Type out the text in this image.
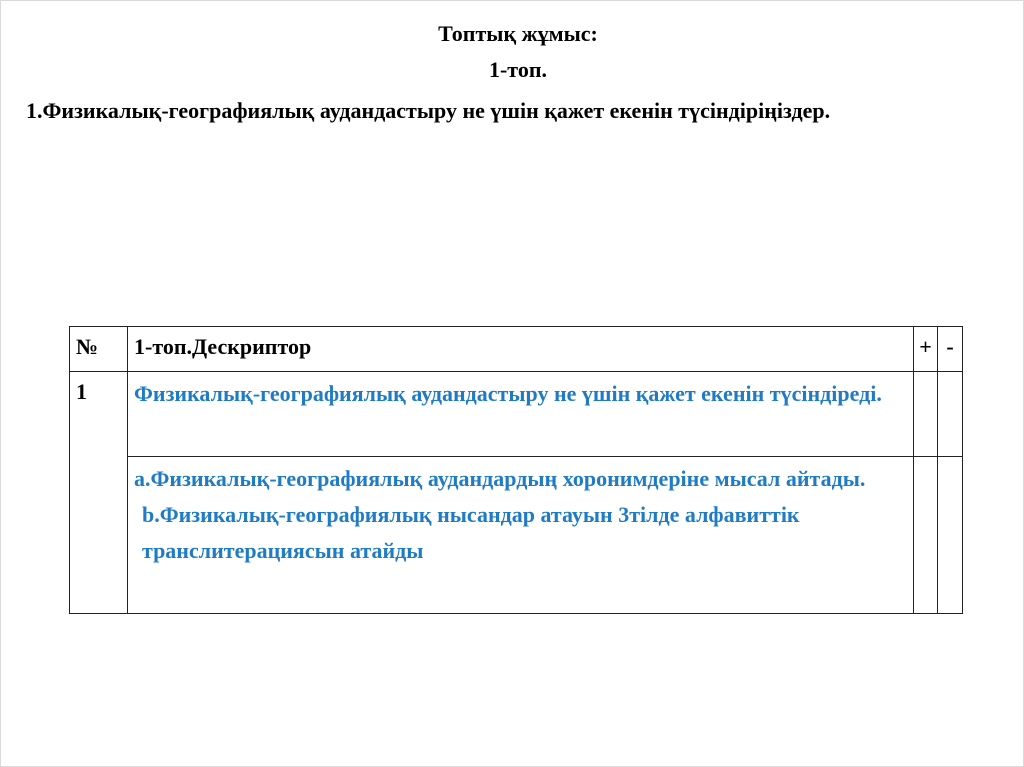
Топтық жұмыс:
1-топ.
1.Физикалық-географиялық аудандастыру не үшін қажет екенін түсіндіріңіздер.
№	1-топ.Дескриптор	+	-
1	Физикалық-географиялық аудандастыру не үшін қажет екенін түсіндіреді.		

	a.Физикалық-географиялық аудандардың хоронимдеріне мысал айтады.
b.Физикалық-географиялық нысандар атауын 3тілде алфавиттік транслитерациясын атайды		
